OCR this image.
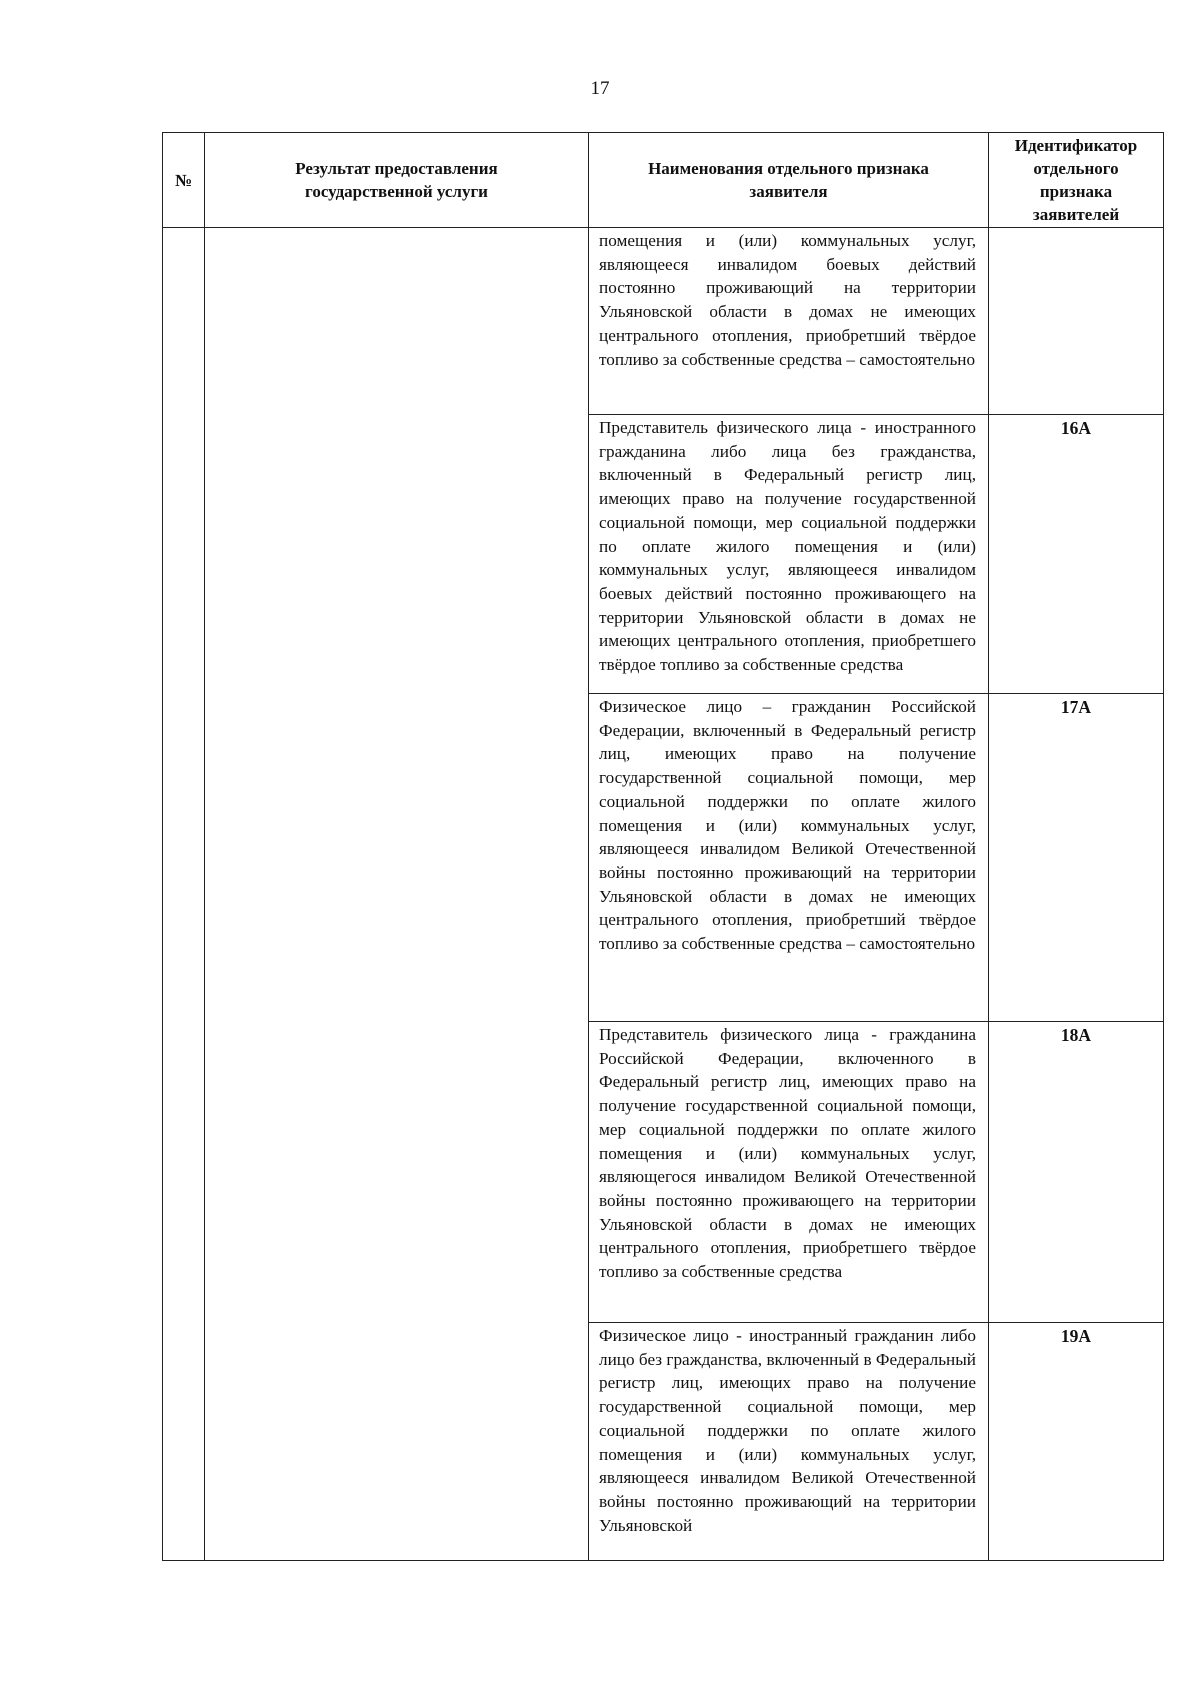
17
№	Результат предоставления государственной услуги	Наименования отдельного признака заявителя	Идентификатор отдельного признака заявителей

		помещения и (или) коммунальных услуг, являющееся инвалидом боевых действий постоянно проживающий на территории Ульяновской области в домах не имеющих центрального отопления, приобретший твёрдое топливо за собственные средства – самостоятельно	

		Представитель физического лица - иностранного гражданина либо лица без гражданства, включенный в Федеральный регистр лиц, имеющих право на получение государственной социальной помощи, мер социальной поддержки по оплате жилого помещения и (или) коммунальных услуг, являющееся инвалидом боевых действий постоянно проживающего на территории Ульяновской области в домах не имеющих центрального отопления, приобретшего твёрдое топливо за собственные средства	16А

		Физическое лицо – гражданин Российской Федерации, включенный в Федеральный регистр лиц, имеющих право на получение государственной социальной помощи, мер социальной поддержки по оплате жилого помещения и (или) коммунальных услуг, являющееся инвалидом Великой Отечественной войны постоянно проживающий на территории Ульяновской области в домах не имеющих центрального отопления, приобретший твёрдое топливо за собственные средства – самостоятельно	17А

		Представитель физического лица - гражданина Российской Федерации, включенного в Федеральный регистр лиц, имеющих право на получение государственной социальной помощи, мер социальной поддержки по оплате жилого помещения и (или) коммунальных услуг, являющегося инвалидом Великой Отечественной войны постоянно проживающего на территории Ульяновской области в домах не имеющих центрального отопления, приобретшего твёрдое топливо за собственные средства	18А

		Физическое лицо - иностранный гражданин либо лицо без гражданства, включенный в Федеральный регистр лиц, имеющих право на получение государственной социальной помощи, мер социальной поддержки по оплате жилого помещения и (или) коммунальных услуг, являющееся инвалидом Великой Отечественной войны постоянно проживающий на территории Ульяновской	19А
